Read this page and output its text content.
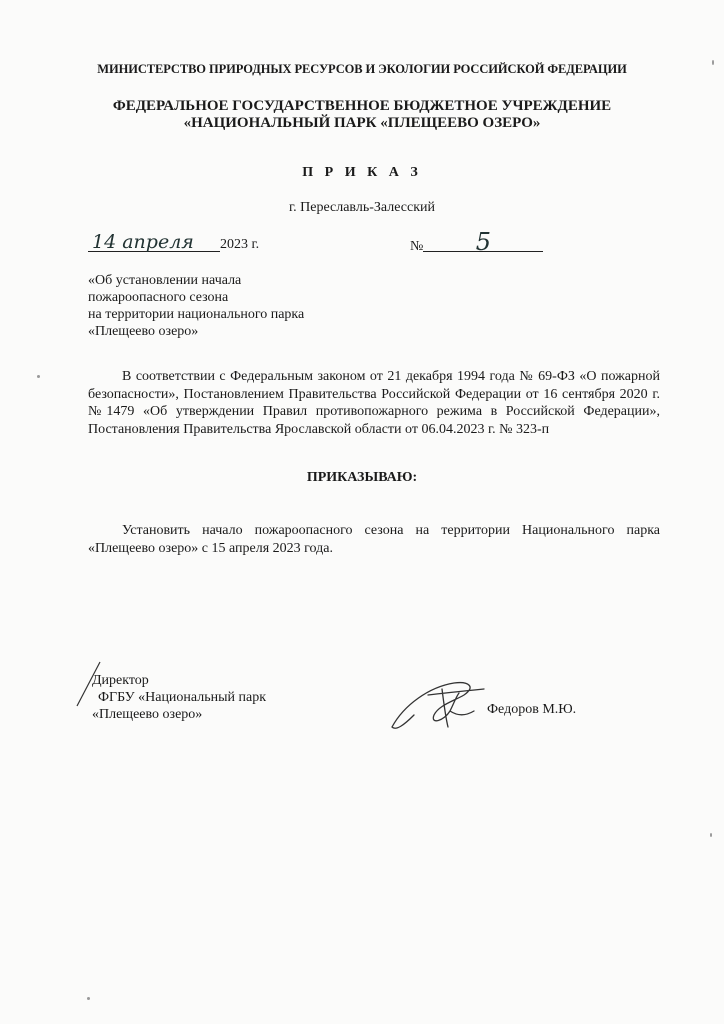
МИНИСТЕРСТВО ПРИРОДНЫХ РЕСУРСОВ И ЭКОЛОГИИ РОССИЙСКОЙ ФЕДЕРАЦИИ
ФЕДЕРАЛЬНОЕ ГОСУДАРСТВЕННОЕ БЮДЖЕТНОЕ УЧРЕЖДЕНИЕ
«НАЦИОНАЛЬНЫЙ ПАРК «ПЛЕЩЕЕВО ОЗЕРО»
П Р И К А З
г. Переславль-Залесский
14 апреля 2023 г.	№ 5
«Об установлении начала
пожароопасного сезона
на территории национального парка
«Плещеево озеро»
В соответствии с Федеральным законом от 21 декабря 1994 года № 69-ФЗ «О пожарной безопасности», Постановлением Правительства Российской Федерации от 16 сентября 2020 г. №1479 «Об утверждении Правил противопожарного режима в Российской Федерации», Постановления Правительства Ярославской области от 06.04.2023 г. № 323-п
ПРИКАЗЫВАЮ:
Установить начало пожароопасного сезона на территории Национального парка «Плещеево озеро» с 15 апреля 2023 года.
Директор
ФГБУ «Национальный парк
«Плещеево озеро»	Федоров М.Ю.
